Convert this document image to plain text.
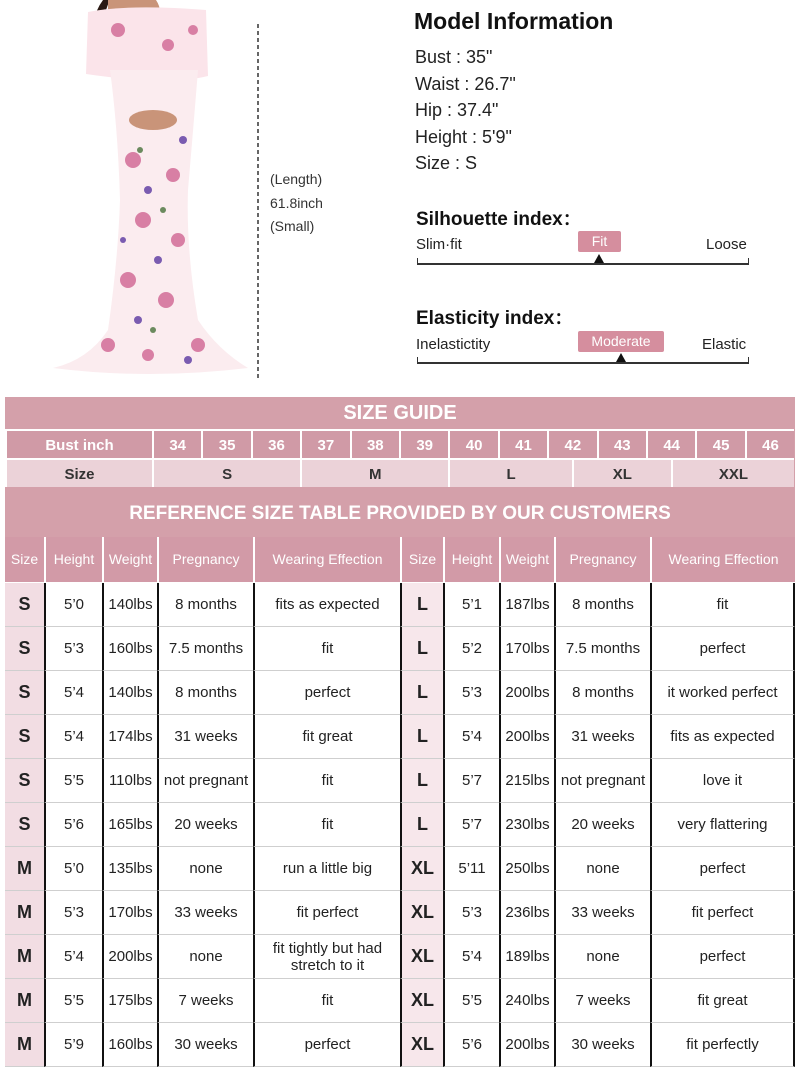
(Length)
61.8inch
(Small)
Model Information
Bust : 35"
Waist : 26.7"
Hip : 37.4"
Height : 5'9"
Size : S
Silhouette index：
Slim·fit	Fit	Loose
Elasticity index：
Inelastictity	Moderate	Elastic
SIZE GUIDE
Bust inch	34	35	36	37	38	39	40	41	42	43	44	45	46
Size	S	M	L	XL	XXL
REFERENCE SIZE TABLE PROVIDED BY OUR CUSTOMERS
Size	Height	Weight	Pregnancy	Wearing Effection
S	5’0	140lbs	8 months	fits as expected
S	5’3	160lbs	7.5 months	fit
S	5’4	140lbs	8 months	perfect
S	5’4	174lbs	31 weeks	fit great
S	5’5	110lbs not pregnant	fit
S	5’6	165lbs	20 weeks	fit
M	5’0	135lbs	none	run a little big
M	5’3	170lbs	33 weeks	fit perfect
M	5’4	200lbs	none	fit tightly but had stretch to it
M	5’5	175lbs	7 weeks	fit
M	5’9	160lbs	30 weeks	perfect
Size	Height Weight	Pregnancy	Wearing Effection
L	5’1	187lbs	8 months	fit
L	5’2	170lbs	7.5 months	perfect
L	5’3	200lbs	8 months	it worked perfect
L	5’4	200lbs	31 weeks	fits as expected
L	5’7	215lbs not pregnant	love it
L	5’7	230lbs	20 weeks	very flattering
XL	5’11	250lbs	none	perfect
XL	5’3	236lbs	33 weeks	fit perfect
XL	5’4	189lbs	none	perfect
XL	5’5	240lbs	7 weeks	fit great
XL	5’6	200lbs	30 weeks	fit perfectly
